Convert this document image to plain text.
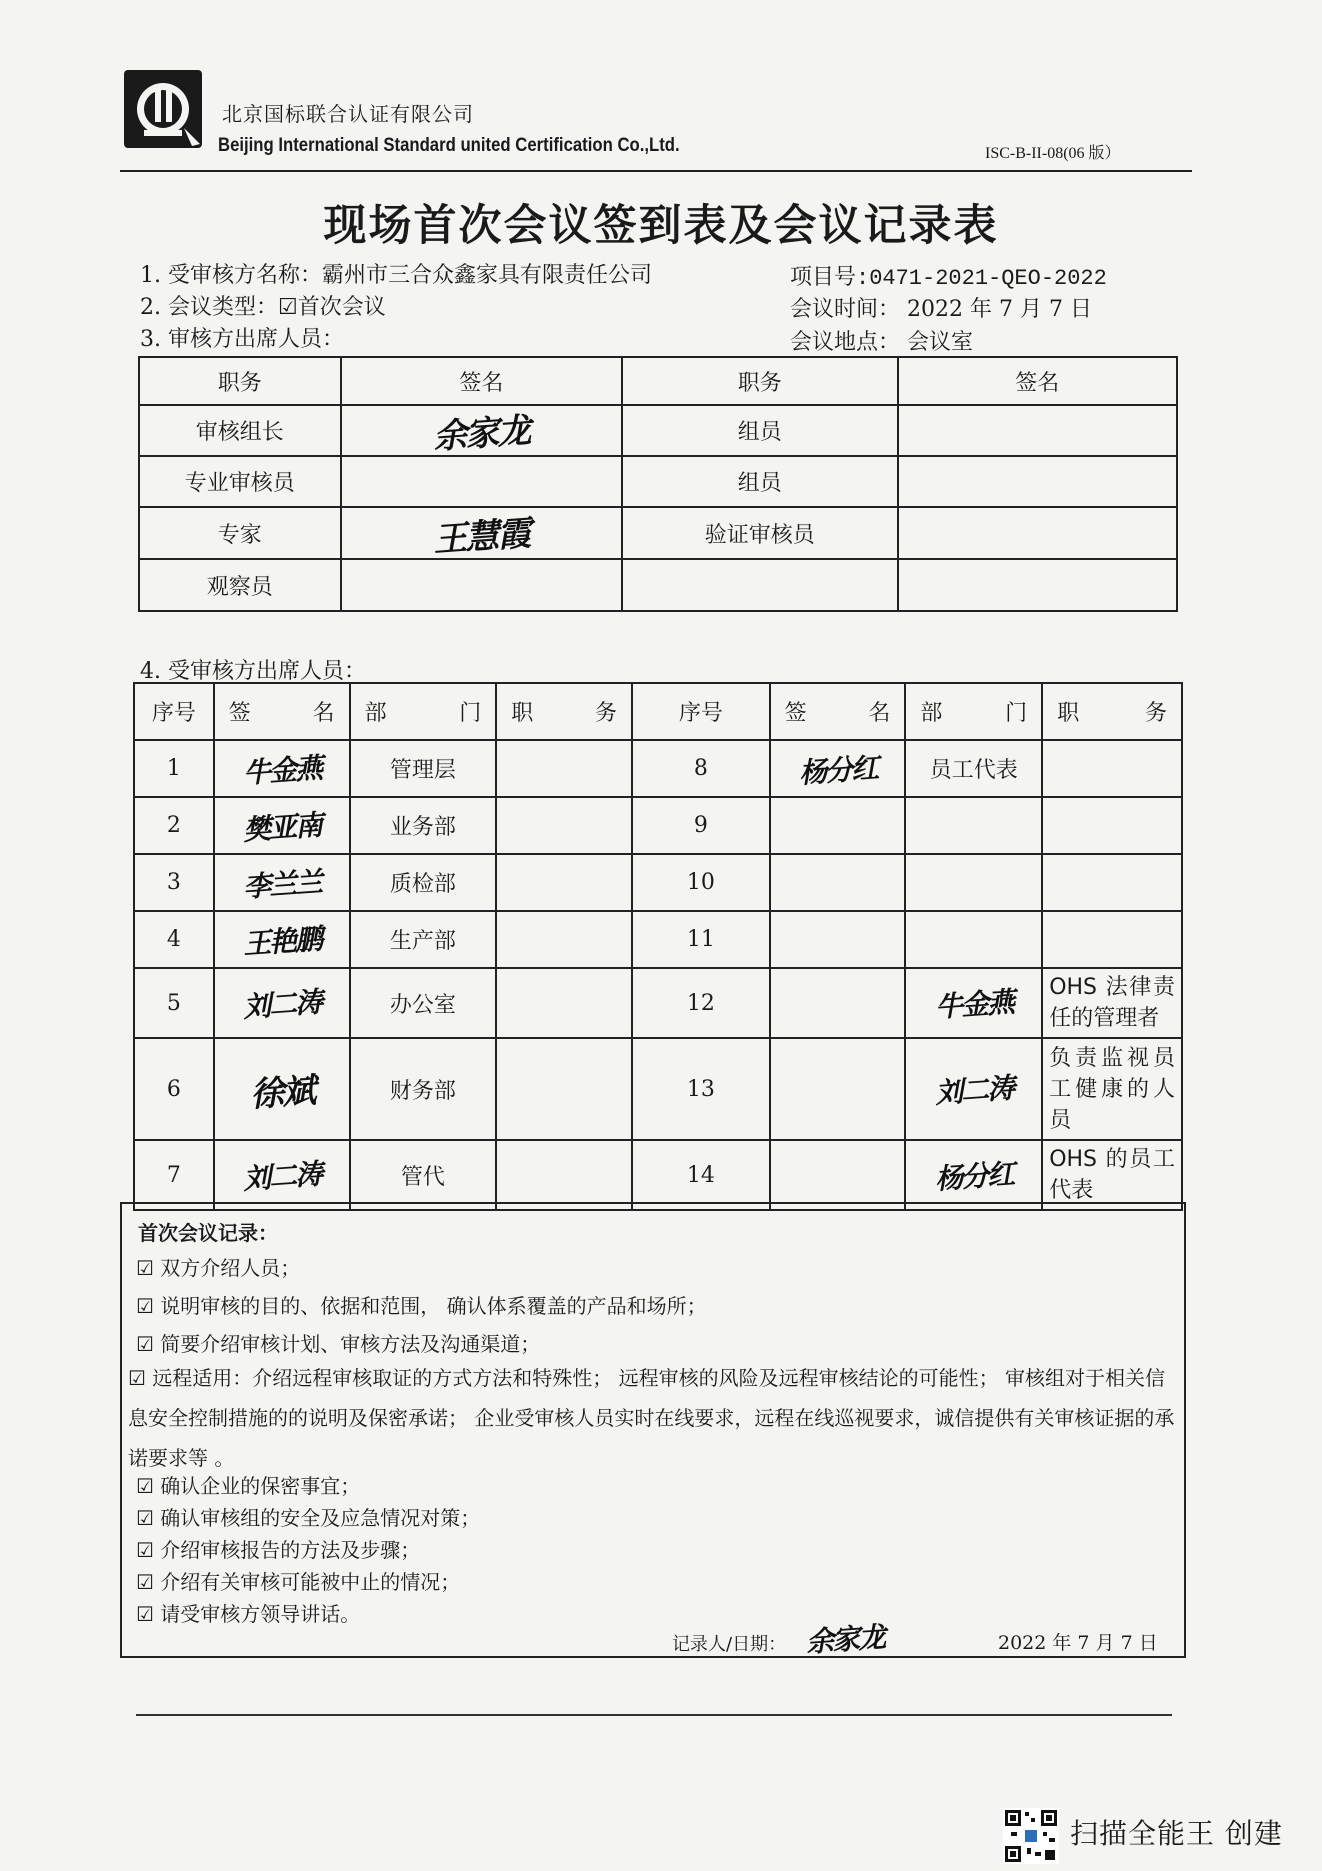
北京国标联合认证有限公司
Beijing International Standard united Certification Co.,Ltd.	ISC-B-II-08(06 版）
现场首次会议签到表及会议记录表
1. 受审核方名称：霸州市三合众鑫家具有限责任公司	项目号:0471-2021-QEO-2022
2. 会议类型：☑首次会议	会议时间： 2022 年 7 月 7 日
3. 审核方出席人员：	会议地点： 会议室
职务	签名	职务	签名
审核组长	余家龙	组员	
专业审核员		组员	
专家	王慧霞	验证审核员	
观察员			
4. 受审核方出席人员：
序号	签 名	部 门	职 务	序号	签 名	部 门	职 务

1	牛金燕	管理层		8	杨分红	员工代表	
2	樊亚南	业务部		9			
3	李兰兰	质检部		10			
4	王艳鹏	生产部		11			
5	刘二涛	办公室		12		牛金燕	OHS 法律责任的管理者
6	徐斌	财务部		13		刘二涛	负责监视员工健康的人员
7	刘二涛	管代		14		杨分红	OHS 的员工代表
首次会议记录：
☑ 双方介绍人员；
☑ 说明审核的目的、依据和范围， 确认体系覆盖的产品和场所；
☑ 简要介绍审核计划、审核方法及沟通渠道；
☑ 远程适用：介绍远程审核取证的方式方法和特殊性； 远程审核的风险及远程审核结论的可能性； 审核组对于相关信息安全控制措施的的说明及保密承诺； 企业受审核人员实时在线要求，远程在线巡视要求，诚信提供有关审核证据的承诺要求等 。
☑ 确认企业的保密事宜；
☑ 确认审核组的安全及应急情况对策；
☑ 介绍审核报告的方法及步骤；
☑ 介绍有关审核可能被中止的情况；
☑ 请受审核方领导讲话。
记录人/日期： 余家龙	2022 年 7 月 7 日
扫描全能王 创建
